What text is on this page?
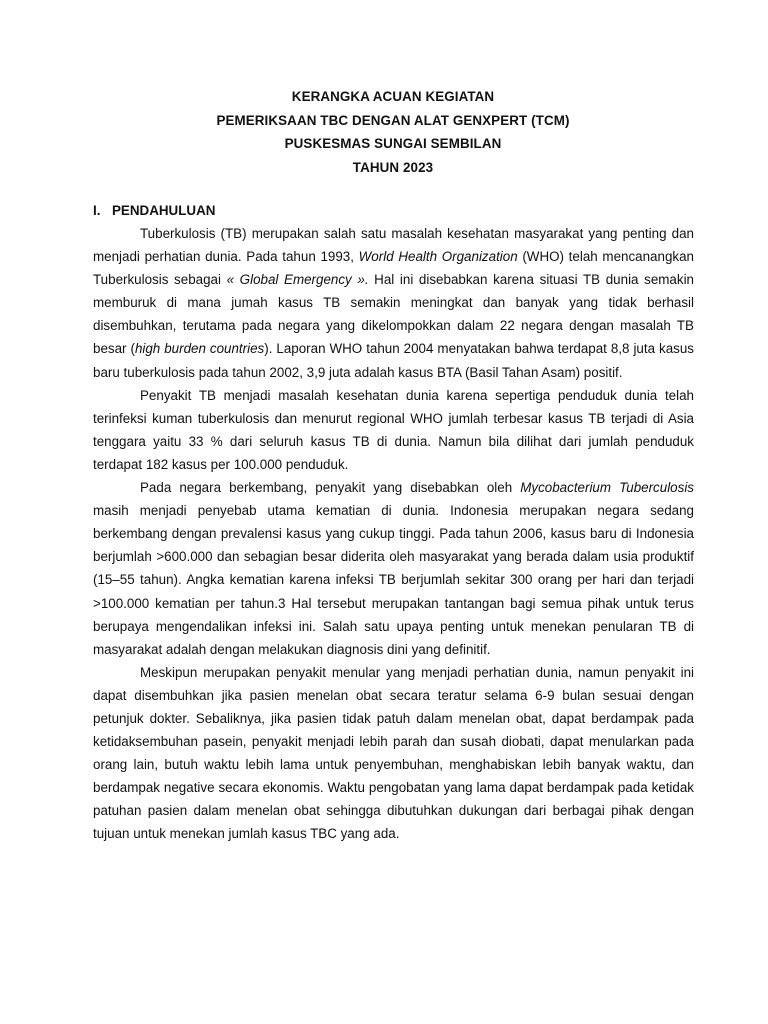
KERANGKA ACUAN KEGIATAN
PEMERIKSAAN TBC DENGAN ALAT GENXPERT (TCM)
PUSKESMAS SUNGAI SEMBILAN
TAHUN 2023
I. PENDAHULUAN

Tuberkulosis (TB) merupakan salah satu masalah kesehatan masyarakat yang penting dan menjadi perhatian dunia. Pada tahun 1993, World Health Organization (WHO) telah mencanangkan Tuberkulosis sebagai « Global Emergency ». Hal ini disebabkan karena situasi TB dunia semakin memburuk di mana jumah kasus TB semakin meningkat dan banyak yang tidak berhasil disembuhkan, terutama pada negara yang dikelompokkan dalam 22 negara dengan masalah TB besar (high burden countries). Laporan WHO tahun 2004 menyatakan bahwa terdapat 8,8 juta kasus baru tuberkulosis pada tahun 2002, 3,9 juta adalah kasus BTA (Basil Tahan Asam) positif.

Penyakit TB menjadi masalah kesehatan dunia karena sepertiga penduduk dunia telah terinfeksi kuman tuberkulosis dan menurut regional WHO jumlah terbesar kasus TB terjadi di Asia tenggara yaitu 33 % dari seluruh kasus TB di dunia. Namun bila dilihat dari jumlah penduduk terdapat 182 kasus per 100.000 penduduk.

Pada negara berkembang, penyakit yang disebabkan oleh Mycobacterium Tuberculosis masih menjadi penyebab utama kematian di dunia. Indonesia merupakan negara sedang berkembang dengan prevalensi kasus yang cukup tinggi. Pada tahun 2006, kasus baru di Indonesia berjumlah >600.000 dan sebagian besar diderita oleh masyarakat yang berada dalam usia produktif (15–55 tahun). Angka kematian karena infeksi TB berjumlah sekitar 300 orang per hari dan terjadi >100.000 kematian per tahun.3 Hal tersebut merupakan tantangan bagi semua pihak untuk terus berupaya mengendalikan infeksi ini. Salah satu upaya penting untuk menekan penularan TB di masyarakat adalah dengan melakukan diagnosis dini yang definitif.

Meskipun merupakan penyakit menular yang menjadi perhatian dunia, namun penyakit ini dapat disembuhkan jika pasien menelan obat secara teratur selama 6-9 bulan sesuai dengan petunjuk dokter. Sebaliknya, jika pasien tidak patuh dalam menelan obat, dapat berdampak pada ketidaksembuhan pasein, penyakit menjadi lebih parah dan susah diobati, dapat menularkan pada orang lain, butuh waktu lebih lama untuk penyembuhan, menghabiskan lebih banyak waktu, dan berdampak negative secara ekonomis. Waktu pengobatan yang lama dapat berdampak pada ketidak patuhan pasien dalam menelan obat sehingga dibutuhkan dukungan dari berbagai pihak dengan tujuan untuk menekan jumlah kasus TBC yang ada.
